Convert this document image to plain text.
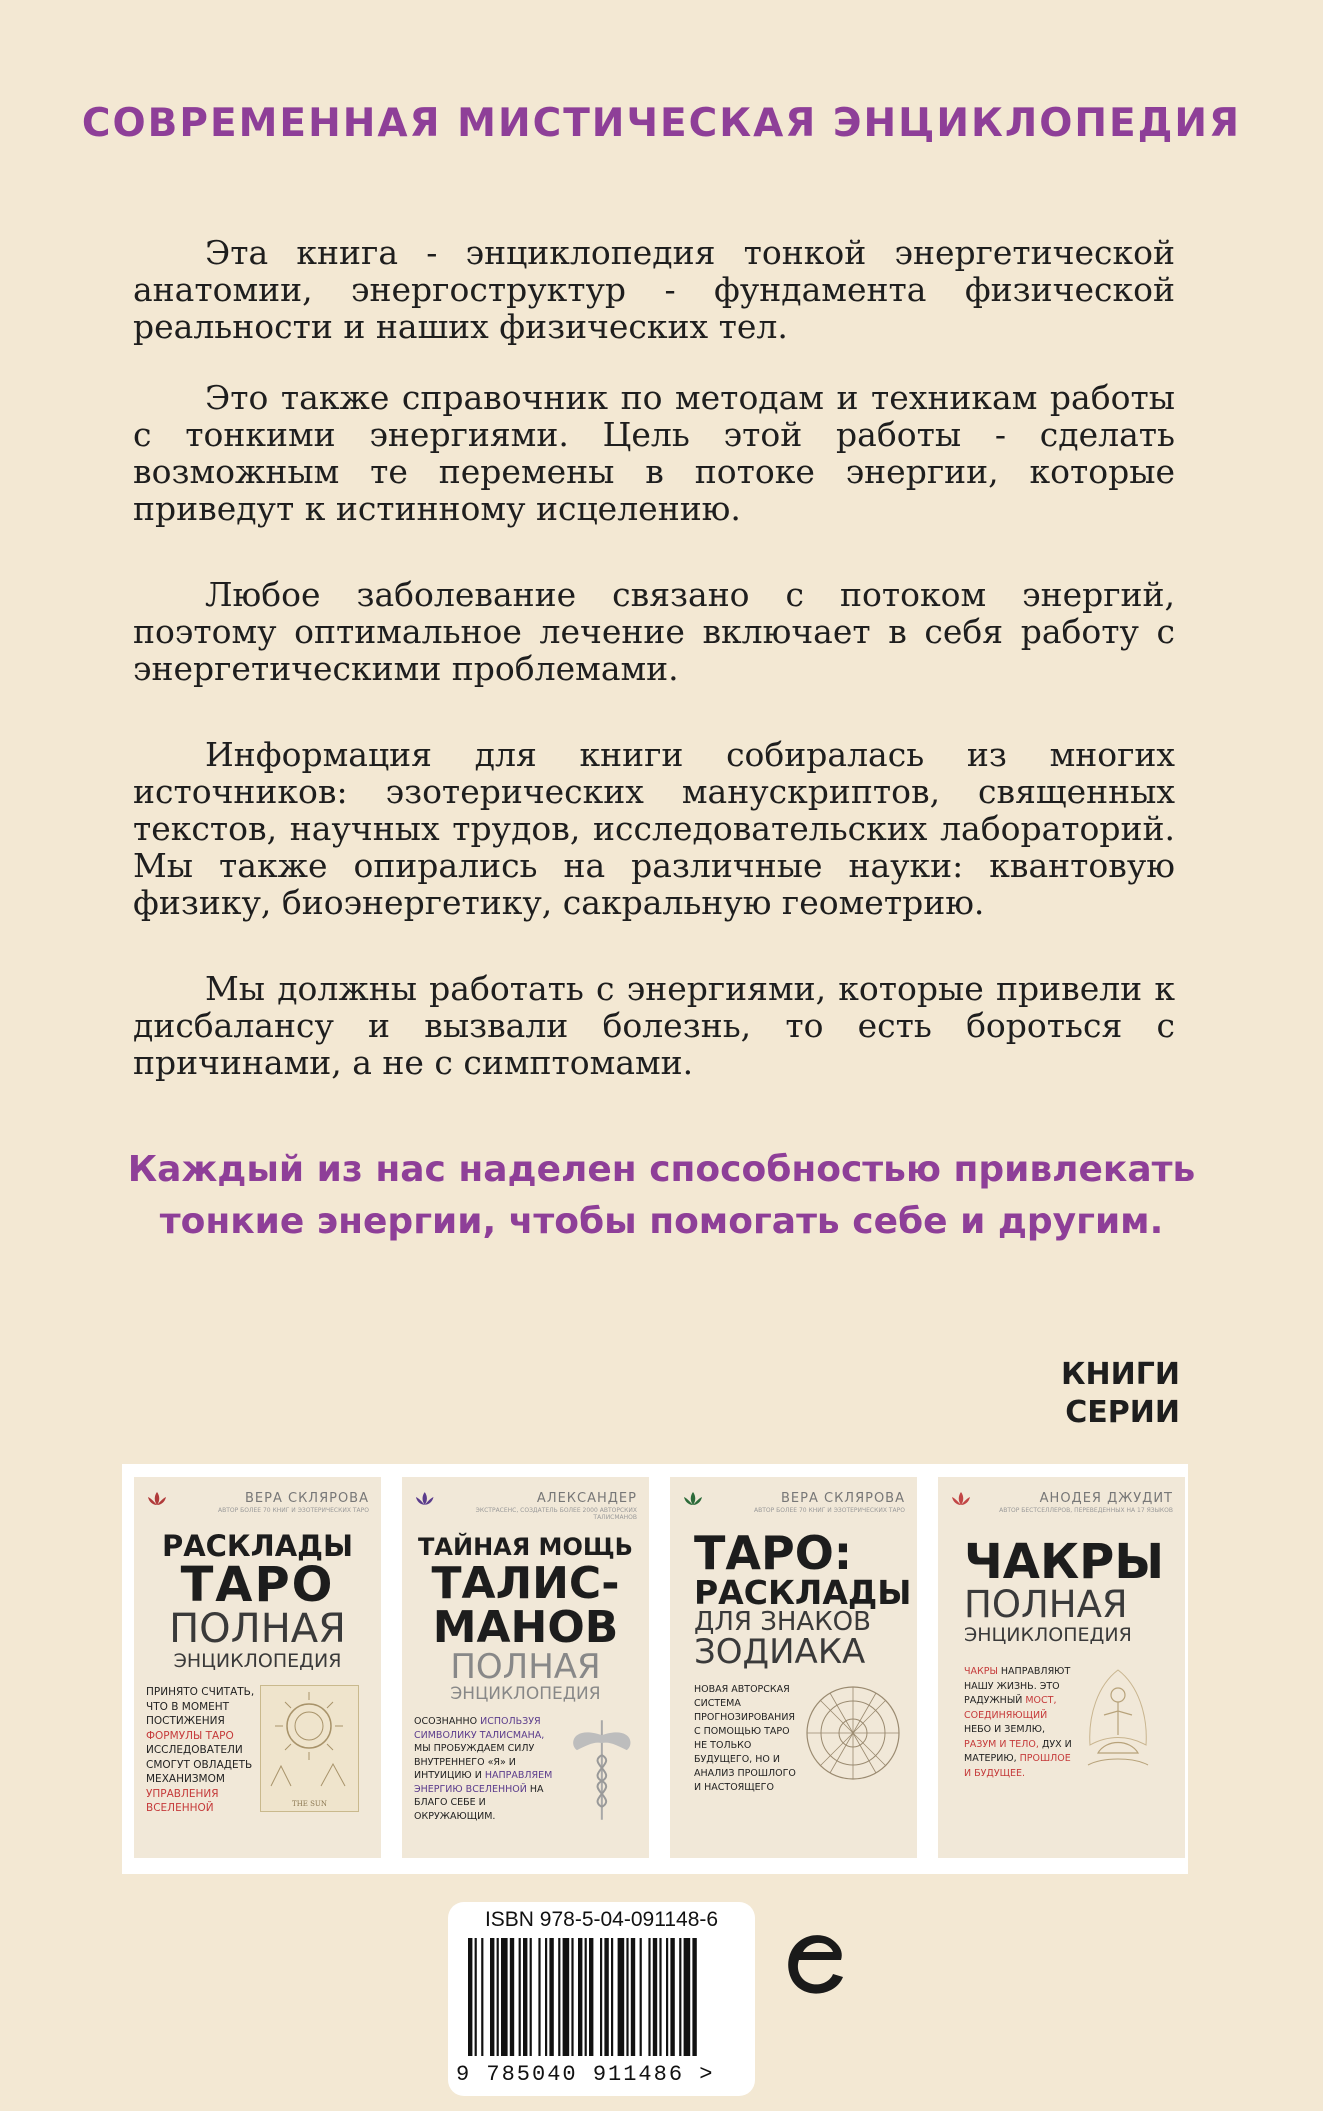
СОВРЕМЕННАЯ МИСТИЧЕСКАЯ ЭНЦИКЛОПЕДИЯ

Эта книга - энциклопедия тонкой энергетической анатомии, энергоструктур - фундамента физической реальности и наших физических тел.

Это также справочник по методам и техникам работы с тонкими энергиями. Цель этой работы - сделать возможным те перемены в потоке энергии, которые приведут к истинному исцелению.

Любое заболевание связано с потоком энергий, поэтому оптимальное лечение включает в себя работу с энергетическими проблемами.

Информация для книги собиралась из многих источников: эзотерических манускриптов, священных текстов, научных трудов, исследовательских лабораторий. Мы также опирались на различные науки: квантовую физику, биоэнергетику, сакральную геометрию.

Мы должны работать с энергиями, которые привели к дисбалансу и вызвали болезнь, то есть бороться с причинами, а не с симптомами.

Каждый из нас наделен способностью привлекать
тонкие энергии, чтобы помогать себе и другим.
КНИГИ
СЕРИИ
ВЕРА СКЛЯРОВА
АВТОР БОЛЕЕ 70 КНИГ И ЭЗОТЕРИЧЕСКИХ ТАРО
РАСКЛАДЫ
ТАРО
ПОЛНАЯ
ЭНЦИКЛОПЕДИЯ
ПРИНЯТО СЧИТАТЬ, ЧТО В МОМЕНТ ПОСТИЖЕНИЯ ФОРМУЛЫ ТАРО ИССЛЕДОВАТЕЛИ СМОГУТ ОВЛАДЕТЬ МЕХАНИЗМОМ УПРАВЛЕНИЯ ВСЕЛЕННОЙ	THE SUN
АЛЕКСАНДЕР
ЭКСТРАСЕНС, СОЗДАТЕЛЬ БОЛЕЕ 2000 АВТОРСКИХ ТАЛИСМАНОВ
ТАЙНАЯ МОЩЬ
ТАЛИС-
МАНОВ
ПОЛНАЯ
ЭНЦИКЛОПЕДИЯ
ОСОЗНАННО ИСПОЛЬЗУЯ СИМВОЛИКУ ТАЛИСМАНА, МЫ ПРОБУЖДАЕМ СИЛУ ВНУТРЕННЕГО «Я» И ИНТУИЦИЮ И НАПРАВЛЯЕМ ЭНЕРГИЮ ВСЕЛЕННОЙ НА БЛАГО СЕБЕ И ОКРУЖАЮЩИМ.
ВЕРА СКЛЯРОВА
АВТОР БОЛЕЕ 70 КНИГ И ЭЗОТЕРИЧЕСКИХ ТАРО
ТАРО:
РАСКЛАДЫ
ДЛЯ ЗНАКОВ
ЗОДИАКА
НОВАЯ АВТОРСКАЯ СИСТЕМА ПРОГНОЗИРОВАНИЯ С ПОМОЩЬЮ ТАРО НЕ ТОЛЬКО БУДУЩЕГО, НО И АНАЛИЗ ПРОШЛОГО И НАСТОЯЩЕГО
АНОДЕЯ ДЖУДИТ
АВТОР БЕСТСЕЛЛЕРОВ, ПЕРЕВЕДЕННЫХ НА 17 ЯЗЫКОВ
ЧАКРЫ
ПОЛНАЯ
ЭНЦИКЛОПЕДИЯ
ЧАКРЫ НАПРАВЛЯЮТ НАШУ ЖИЗНЬ. ЭТО РАДУЖНЫЙ МОСТ, СОЕДИНЯЮЩИЙ НЕБО И ЗЕМЛЮ, РАЗУМ И ТЕЛО, ДУХ И МАТЕРИЮ, ПРОШЛОЕ И БУДУЩЕЕ.
ISBN 978-5-04-091148-6
9 785040 911486 >
